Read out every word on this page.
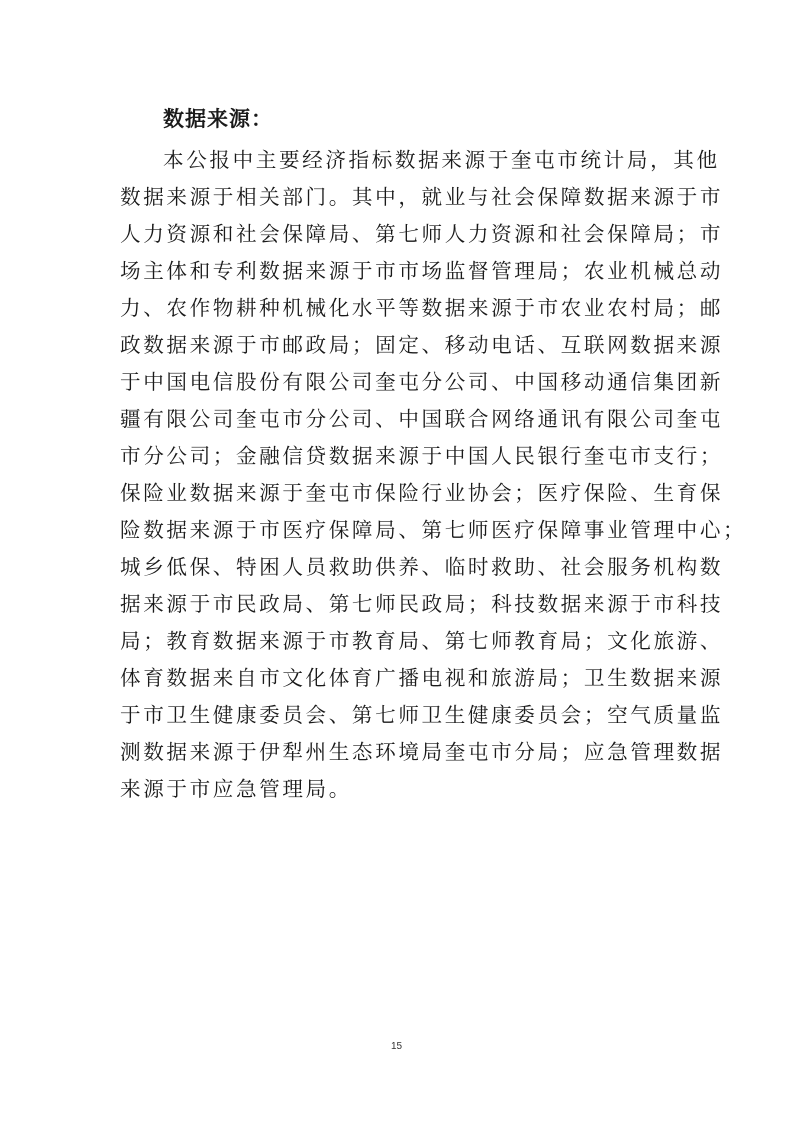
数据来源：
本公报中主要经济指标数据来源于奎屯市统计局，其他
数据来源于相关部门。其中，就业与社会保障数据来源于市
人力资源和社会保障局、第七师人力资源和社会保障局；市
场主体和专利数据来源于市市场监督管理局；农业机械总动
力、农作物耕种机械化水平等数据来源于市农业农村局；邮
政数据来源于市邮政局；固定、移动电话、互联网数据来源
于中国电信股份有限公司奎屯分公司、中国移动通信集团新
疆有限公司奎屯市分公司、中国联合网络通讯有限公司奎屯
市分公司；金融信贷数据来源于中国人民银行奎屯市支行；
保险业数据来源于奎屯市保险行业协会；医疗保险、生育保
险数据来源于市医疗保障局、第七师医疗保障事业管理中心；
城乡低保、特困人员救助供养、临时救助、社会服务机构数
据来源于市民政局、第七师民政局；科技数据来源于市科技
局；教育数据来源于市教育局、第七师教育局；文化旅游、
体育数据来自市文化体育广播电视和旅游局；卫生数据来源
于市卫生健康委员会、第七师卫生健康委员会；空气质量监
测数据来源于伊犁州生态环境局奎屯市分局；应急管理数据
来源于市应急管理局。
15
